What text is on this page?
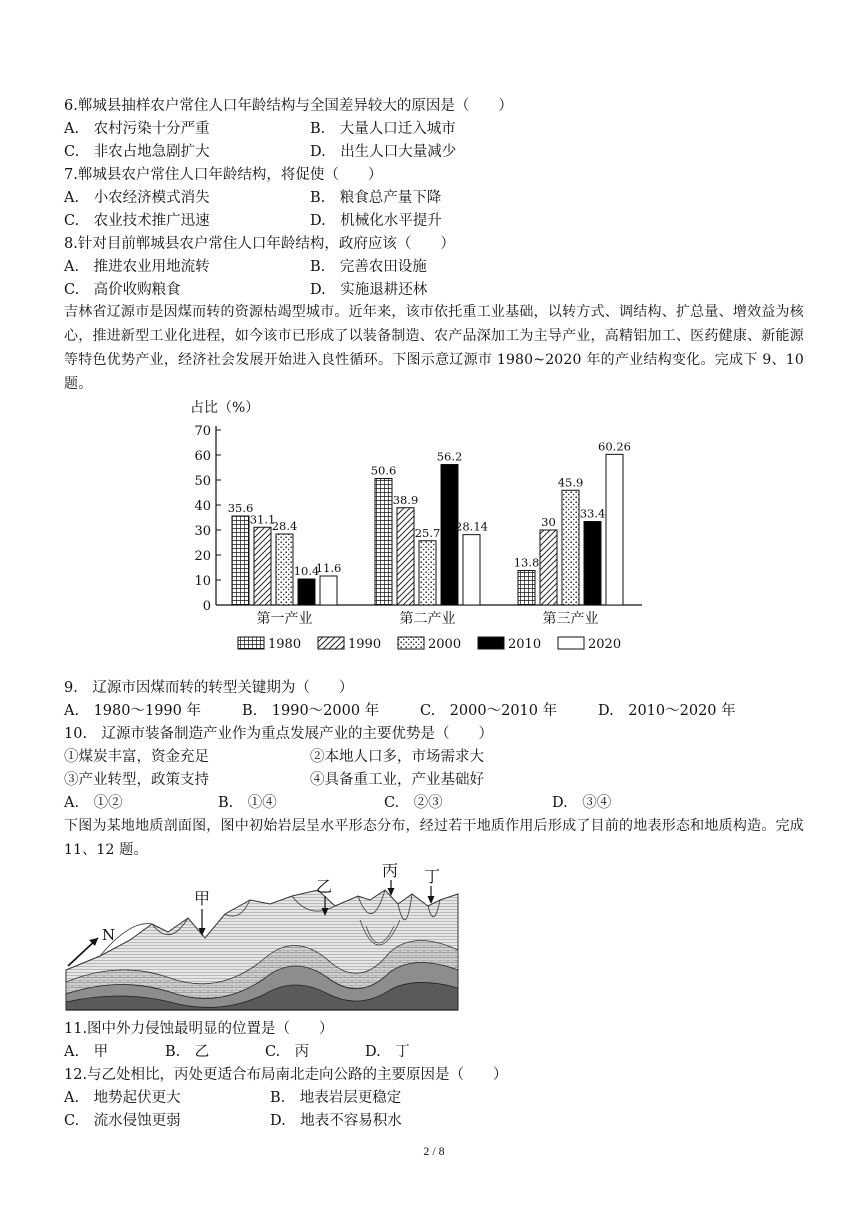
6.郸城县抽样农户常住人口年龄结构与全国差异较大的原因是（　　）
A.　农村污染十分严重	B.　大量人口迁入城市
C.　非农占地急剧扩大	D.　出生人口大量减少
7.郸城县农户常住人口年龄结构，将促使（　　）
A.　小农经济模式消失	B.　粮食总产量下降
C.　农业技术推广迅速	D.　机械化水平提升
8.针对目前郸城县农户常住人口年龄结构，政府应该（　　）
A.　推进农业用地流转	B.　完善农田设施
C.　高价收购粮食	D.　实施退耕还林
吉林省辽源市是因煤而转的资源枯竭型城市。近年来，该市依托重工业基础，以转方式、调结构、扩总量、增效益为核心，推进新型工业化进程，如今该市已形成了以装备制造、农产品深加工为主导产业，高精铝加工、医药健康、新能源等特色优势产业，经济社会发展开始进入良性循环。下图示意辽源市 1980~2020 年的产业结构变化。完成下 9、10 题。
占比（%）
0
10
20
30
40
50
60
70
第一产业	第二产业	第三产业
35.6
31.1
28.4
10.4
11.6
50.6
38.9
25.7
56.2
28.14
13.8
30
45.9
33.4
60.26
1980	1990	2000	2010	2020
9.　辽源市因煤而转的转型关键期为（　　）
A.　1980～1990 年	B.　1990～2000 年	C.　2000～2010 年	D.　2010～2020 年
10.　辽源市装备制造产业作为重点发展产业的主要优势是（　　）
①煤炭丰富，资金充足	②本地人口多，市场需求大
③产业转型，政策支持	④具备重工业，产业基础好
A.　①②	B.　①④	C.　②③	D.　③④
下图为某地地质剖面图，图中初始岩层呈水平形态分布，经过若干地质作用后形成了目前的地表形态和地质构造。完成 11、12 题。
N
甲
乙
丙 丁
11.图中外力侵蚀最明显的位置是（　　）
A.　甲	B.　乙	C.　丙	D.　丁
12.与乙处相比，丙处更适合布局南北走向公路的主要原因是（　　）
A.　地势起伏更大	B.　地表岩层更稳定
C.　流水侵蚀更弱	D.　地表不容易积水
2 / 8
